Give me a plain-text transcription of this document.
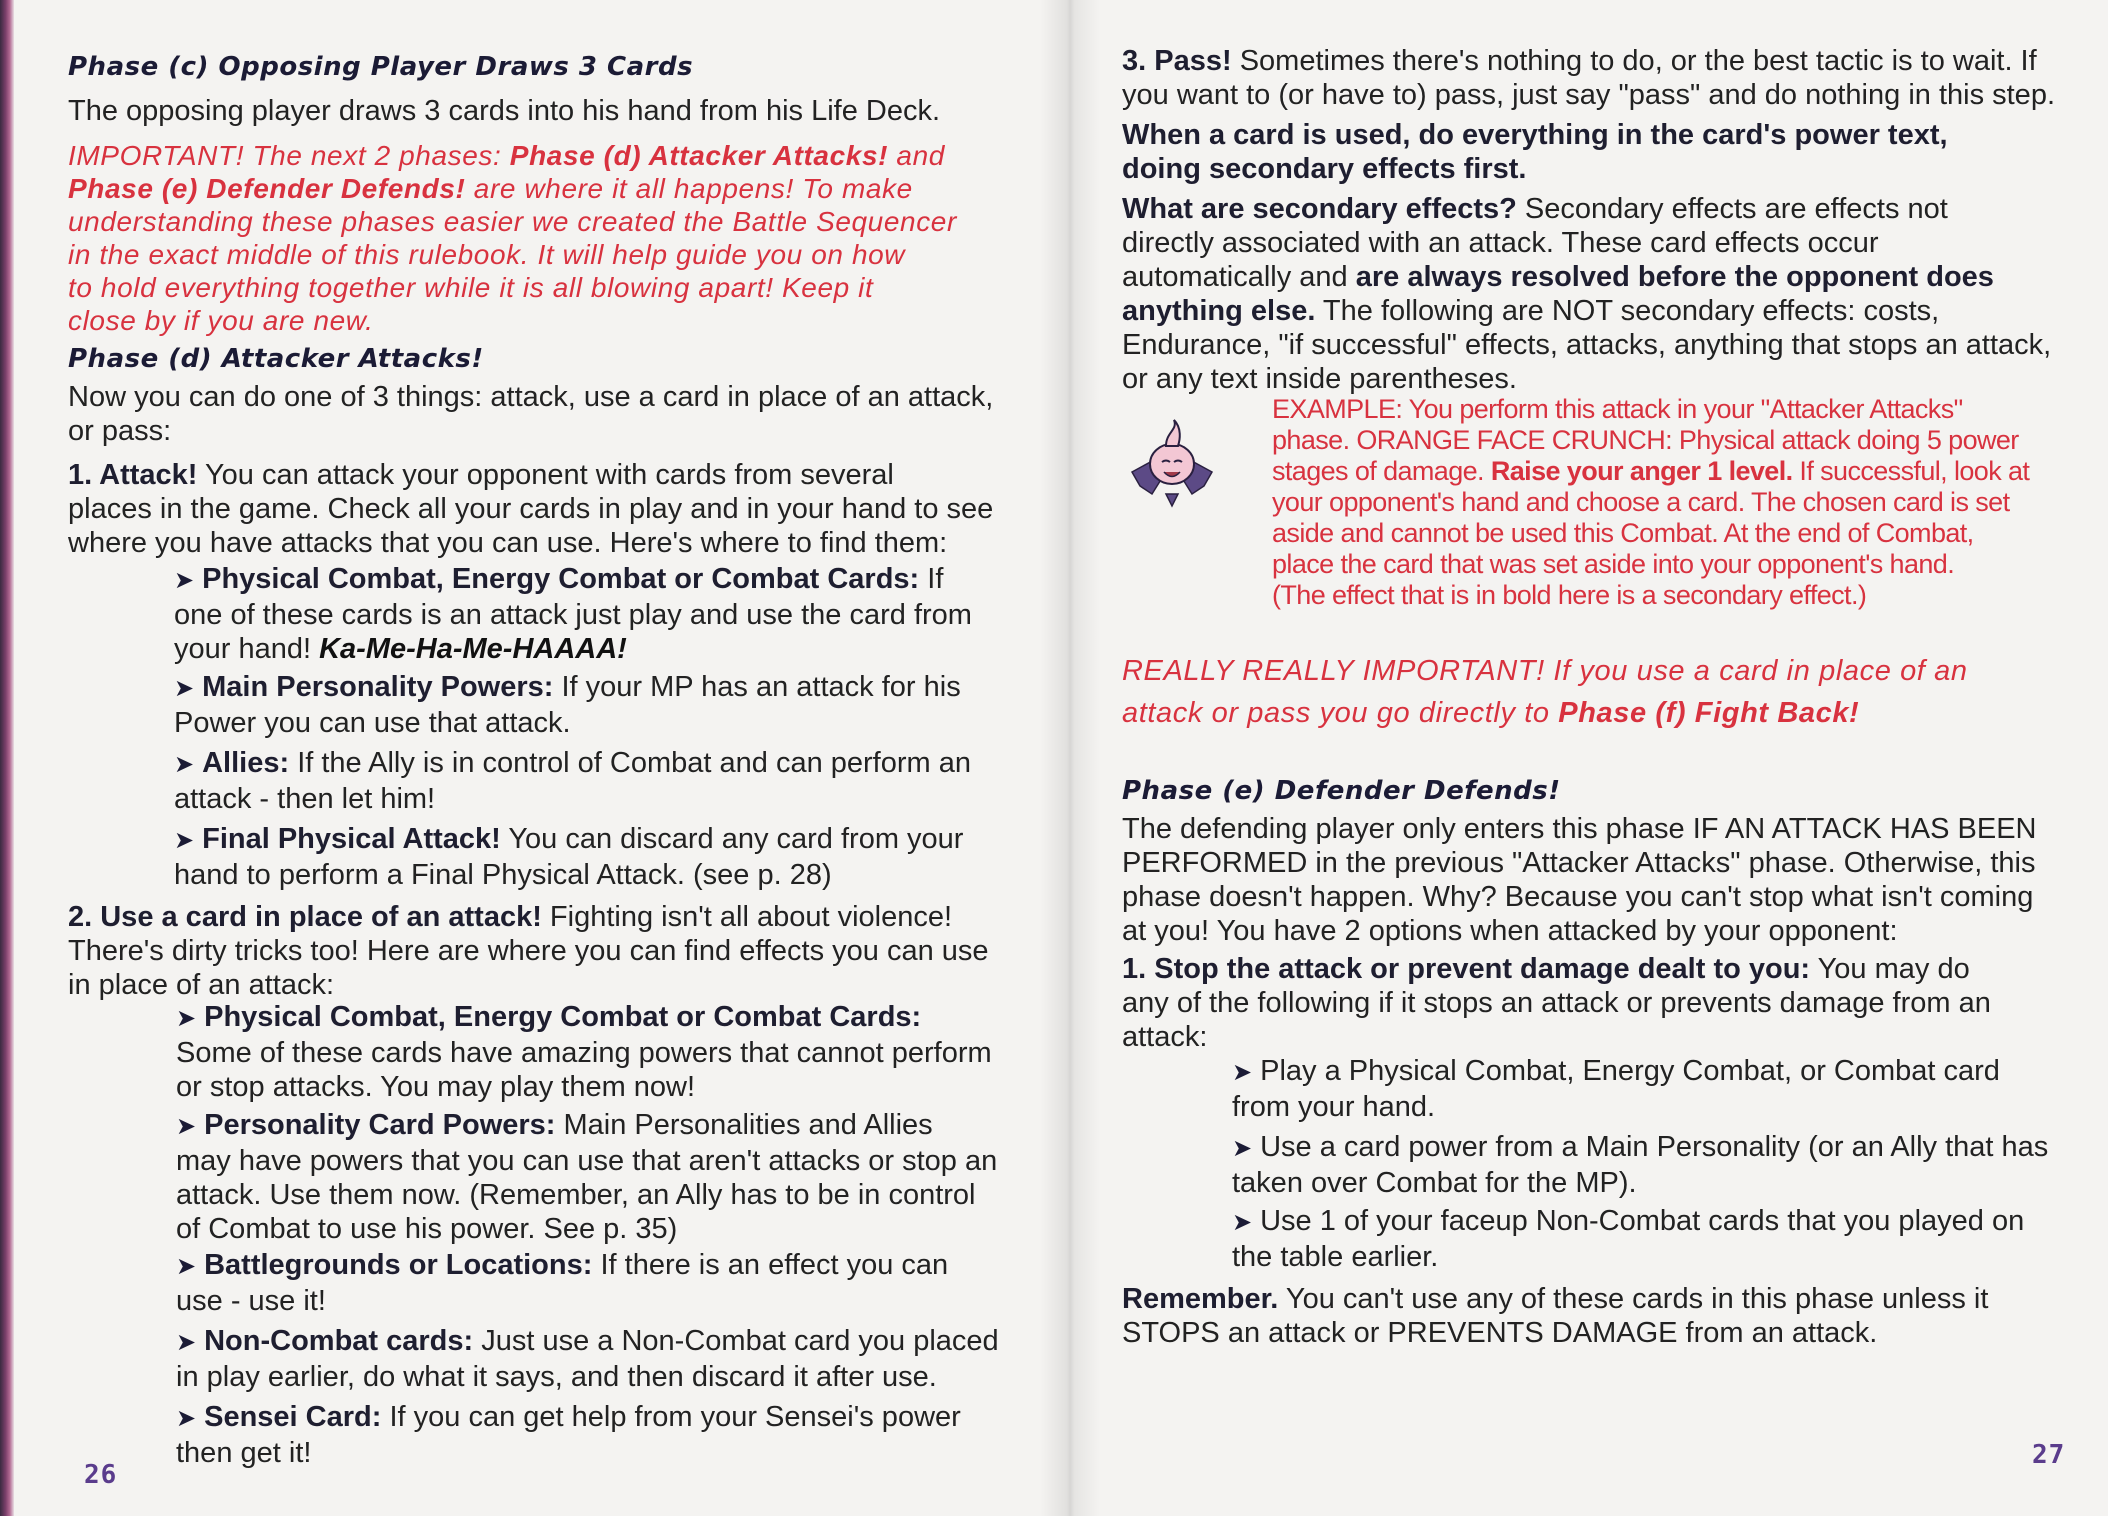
Phase (c) Opposing Player Draws 3 Cards
The opposing player draws 3 cards into his hand from his Life Deck.
IMPORTANT! The next 2 phases: Phase (d) Attacker Attacks! and
Phase (e) Defender Defends! are where it all happens! To make
understanding these phases easier we created the Battle Sequencer
in the exact middle of this rulebook. It will help guide you on how
to hold everything together while it is all blowing apart! Keep it
close by if you are new.
Phase (d) Attacker Attacks!
Now you can do one of 3 things: attack, use a card in place of an attack,
or pass:
1. Attack! You can attack your opponent with cards from several
places in the game. Check all your cards in play and in your hand to see
where you have attacks that you can use. Here's where to find them:
➤ Physical Combat, Energy Combat or Combat Cards: If
one of these cards is an attack just play and use the card from
your hand! Ka-Me-Ha-Me-HAAAA!
➤ Main Personality Powers: If your MP has an attack for his
Power you can use that attack.
➤ Allies: If the Ally is in control of Combat and can perform an
attack - then let him!
➤ Final Physical Attack! You can discard any card from your
hand to perform a Final Physical Attack. (see p. 28)
2. Use a card in place of an attack! Fighting isn't all about violence!
There's dirty tricks too! Here are where you can find effects you can use
in place of an attack:
➤ Physical Combat, Energy Combat or Combat Cards:
Some of these cards have amazing powers that cannot perform
or stop attacks. You may play them now!
➤ Personality Card Powers: Main Personalities and Allies
may have powers that you can use that aren't attacks or stop an
attack. Use them now. (Remember, an Ally has to be in control
of Combat to use his power. See p. 35)
➤ Battlegrounds or Locations: If there is an effect you can
use - use it!
➤ Non-Combat cards: Just use a Non-Combat card you placed
in play earlier, do what it says, and then discard it after use.
➤ Sensei Card: If you can get help from your Sensei's power
then get it!
26
3. Pass! Sometimes there's nothing to do, or the best tactic is to wait. If
you want to (or have to) pass, just say "pass" and do nothing in this step.
When a card is used, do everything in the card's power text,
doing secondary effects first.
What are secondary effects? Secondary effects are effects not
directly associated with an attack. These card effects occur
automatically and are always resolved before the opponent does
anything else. The following are NOT secondary effects: costs,
Endurance, "if successful" effects, attacks, anything that stops an attack,
or any text inside parentheses.
EXAMPLE: You perform this attack in your "Attacker Attacks"
phase. ORANGE FACE CRUNCH: Physical attack doing 5 power
stages of damage. Raise your anger 1 level. If successful, look at
your opponent's hand and choose a card. The chosen card is set
aside and cannot be used this Combat. At the end of Combat,
place the card that was set aside into your opponent's hand.
(The effect that is in bold here is a secondary effect.)
REALLY REALLY IMPORTANT! If you use a card in place of an
attack or pass you go directly to Phase (f) Fight Back!
Phase (e) Defender Defends!
The defending player only enters this phase IF AN ATTACK HAS BEEN
PERFORMED in the previous "Attacker Attacks" phase. Otherwise, this
phase doesn't happen. Why? Because you can't stop what isn't coming
at you! You have 2 options when attacked by your opponent:
1. Stop the attack or prevent damage dealt to you: You may do
any of the following if it stops an attack or prevents damage from an
attack:
➤ Play a Physical Combat, Energy Combat, or Combat card
from your hand.
➤ Use a card power from a Main Personality (or an Ally that has
taken over Combat for the MP).
➤ Use 1 of your faceup Non-Combat cards that you played on
the table earlier.
Remember. You can't use any of these cards in this phase unless it
STOPS an attack or PREVENTS DAMAGE from an attack.
27
